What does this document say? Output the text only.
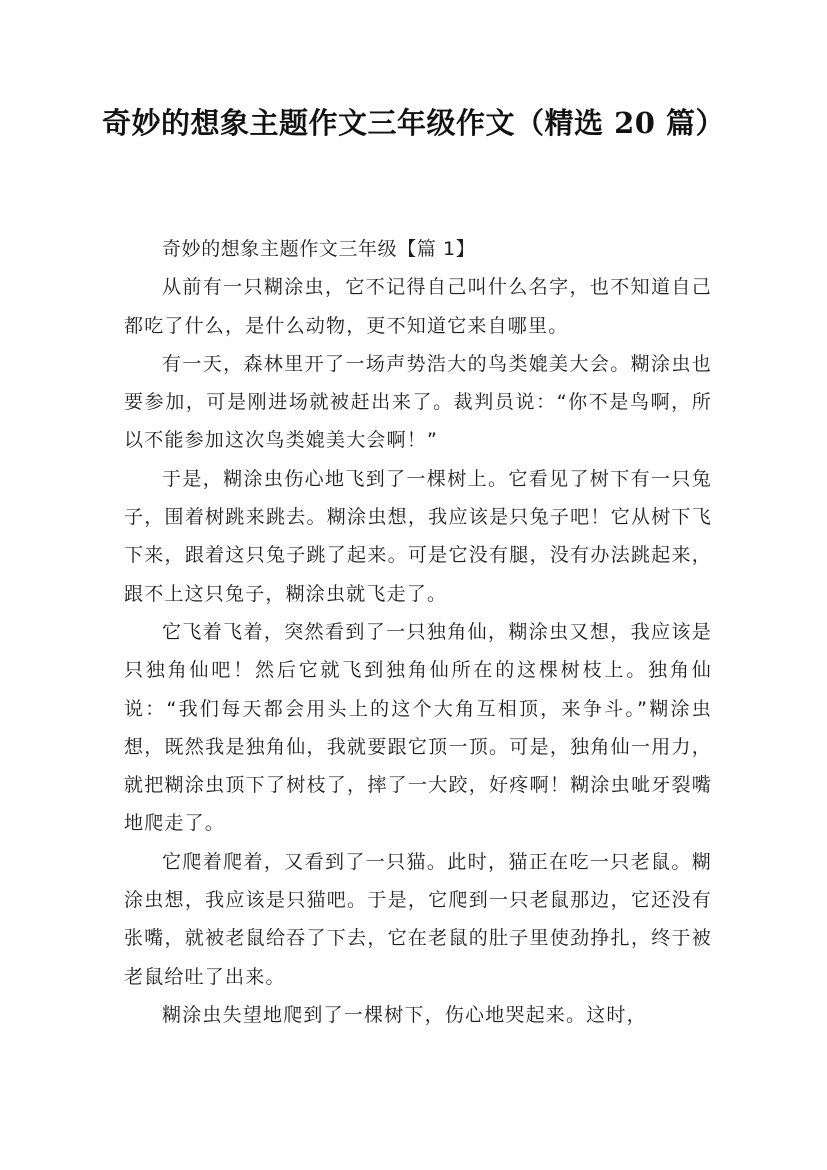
奇妙的想象主题作文三年级作文（精选 20 篇）

奇妙的想象主题作文三年级【篇 1】

从前有一只糊涂虫，它不记得自己叫什么名字，也不知道自己都吃了什么，是什么动物，更不知道它来自哪里。

有一天，森林里开了一场声势浩大的鸟类媲美大会。糊涂虫也要参加，可是刚进场就被赶出来了。裁判员说：“你不是鸟啊，所以不能参加这次鸟类媲美大会啊！”

于是，糊涂虫伤心地飞到了一棵树上。它看见了树下有一只兔子，围着树跳来跳去。糊涂虫想，我应该是只兔子吧！它从树下飞下来，跟着这只兔子跳了起来。可是它没有腿，没有办法跳起来，跟不上这只兔子，糊涂虫就飞走了。

它飞着飞着，突然看到了一只独角仙，糊涂虫又想，我应该是只独角仙吧！然后它就飞到独角仙所在的这棵树枝上。独角仙说：“我们每天都会用头上的这个大角互相顶，来争斗。”糊涂虫想，既然我是独角仙，我就要跟它顶一顶。可是，独角仙一用力，就把糊涂虫顶下了树枝了，摔了一大跤，好疼啊！糊涂虫呲牙裂嘴地爬走了。

它爬着爬着，又看到了一只猫。此时，猫正在吃一只老鼠。糊涂虫想，我应该是只猫吧。于是，它爬到一只老鼠那边，它还没有张嘴，就被老鼠给吞了下去，它在老鼠的肚子里使劲挣扎，终于被老鼠给吐了出来。

糊涂虫失望地爬到了一棵树下，伤心地哭起来。这时，
